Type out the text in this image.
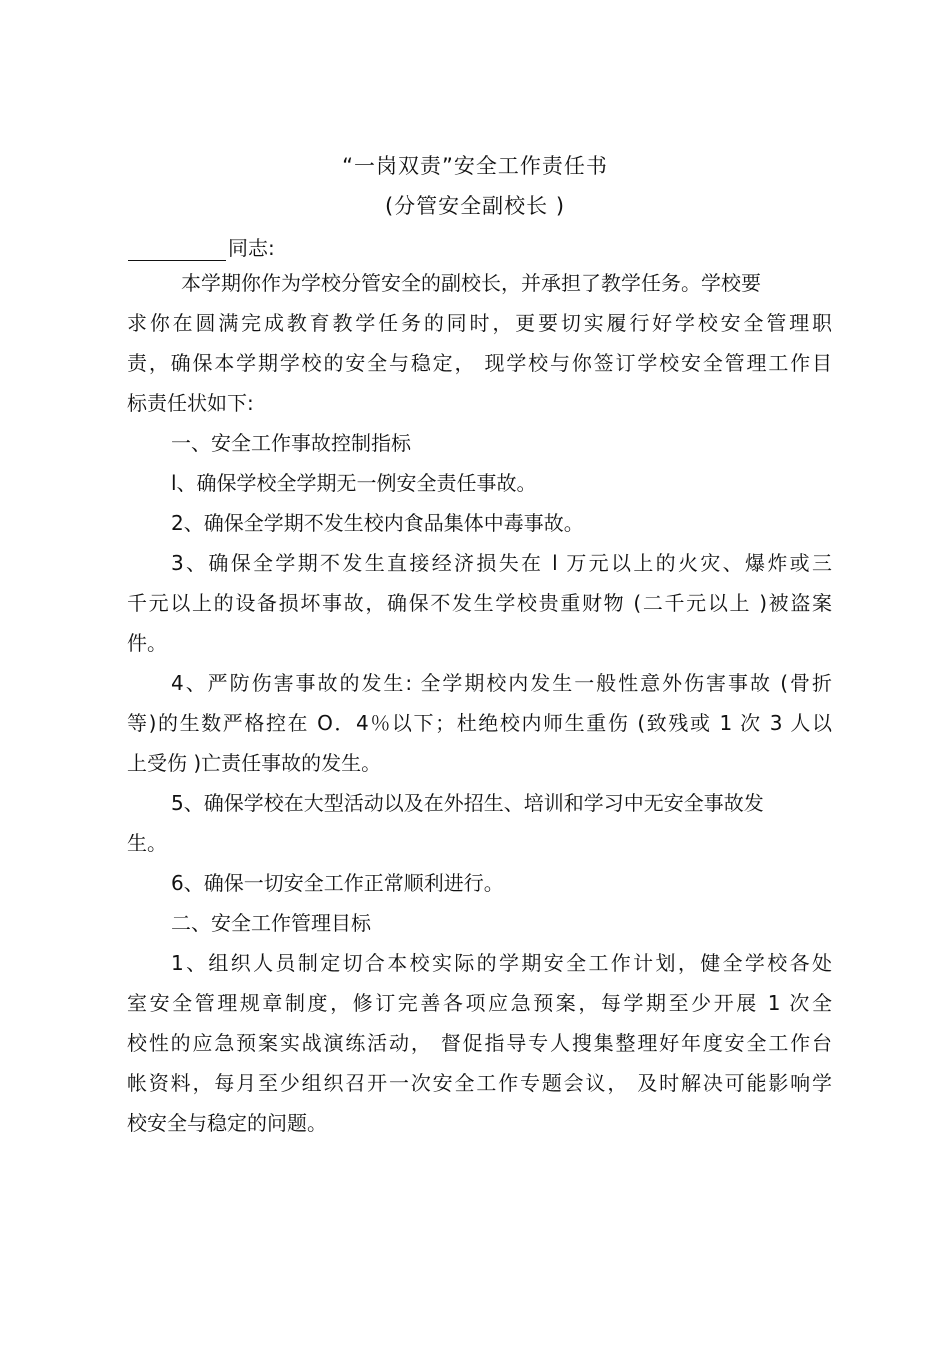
“一岗双责”安全工作责任书
(分管安全副校长 )
同志:
本学期你作为学校分管安全的副校长，并承担了教学任务。学校要
求你在圆满完成教育教学任务的同时，更要切实履行好学校安全管理职
责，确保本学期学校的安全与稳定， 现学校与你签订学校安全管理工作目
标责任状如下:
一、安全工作事故控制指标
l、确保学校全学期无一例安全责任事故。
2、确保全学期不发生校内食品集体中毒事故。
3、确保全学期不发生直接经济损失在 l 万元以上的火灾、爆炸或三
千元以上的设备损坏事故，确保不发生学校贵重财物 (二千元以上 )被盗案
件。
4、严防伤害事故的发生: 全学期校内发生一般性意外伤害事故 (骨折
等)的生数严格控在 O．4％以下；杜绝校内师生重伤 (致残或 1 次 3 人以
上受伤 )亡责任事故的发生。
5、确保学校在大型活动以及在外招生、培训和学习中无安全事故发
生。
6、确保一切安全工作正常顺利进行。
二、安全工作管理目标
1、组织人员制定切合本校实际的学期安全工作计划，健全学校各处
室安全管理规章制度，修订完善各项应急预案，每学期至少开展 1 次全
校性的应急预案实战演练活动， 督促指导专人搜集整理好年度安全工作台
帐资料，每月至少组织召开一次安全工作专题会议， 及时解决可能影响学
校安全与稳定的问题。
